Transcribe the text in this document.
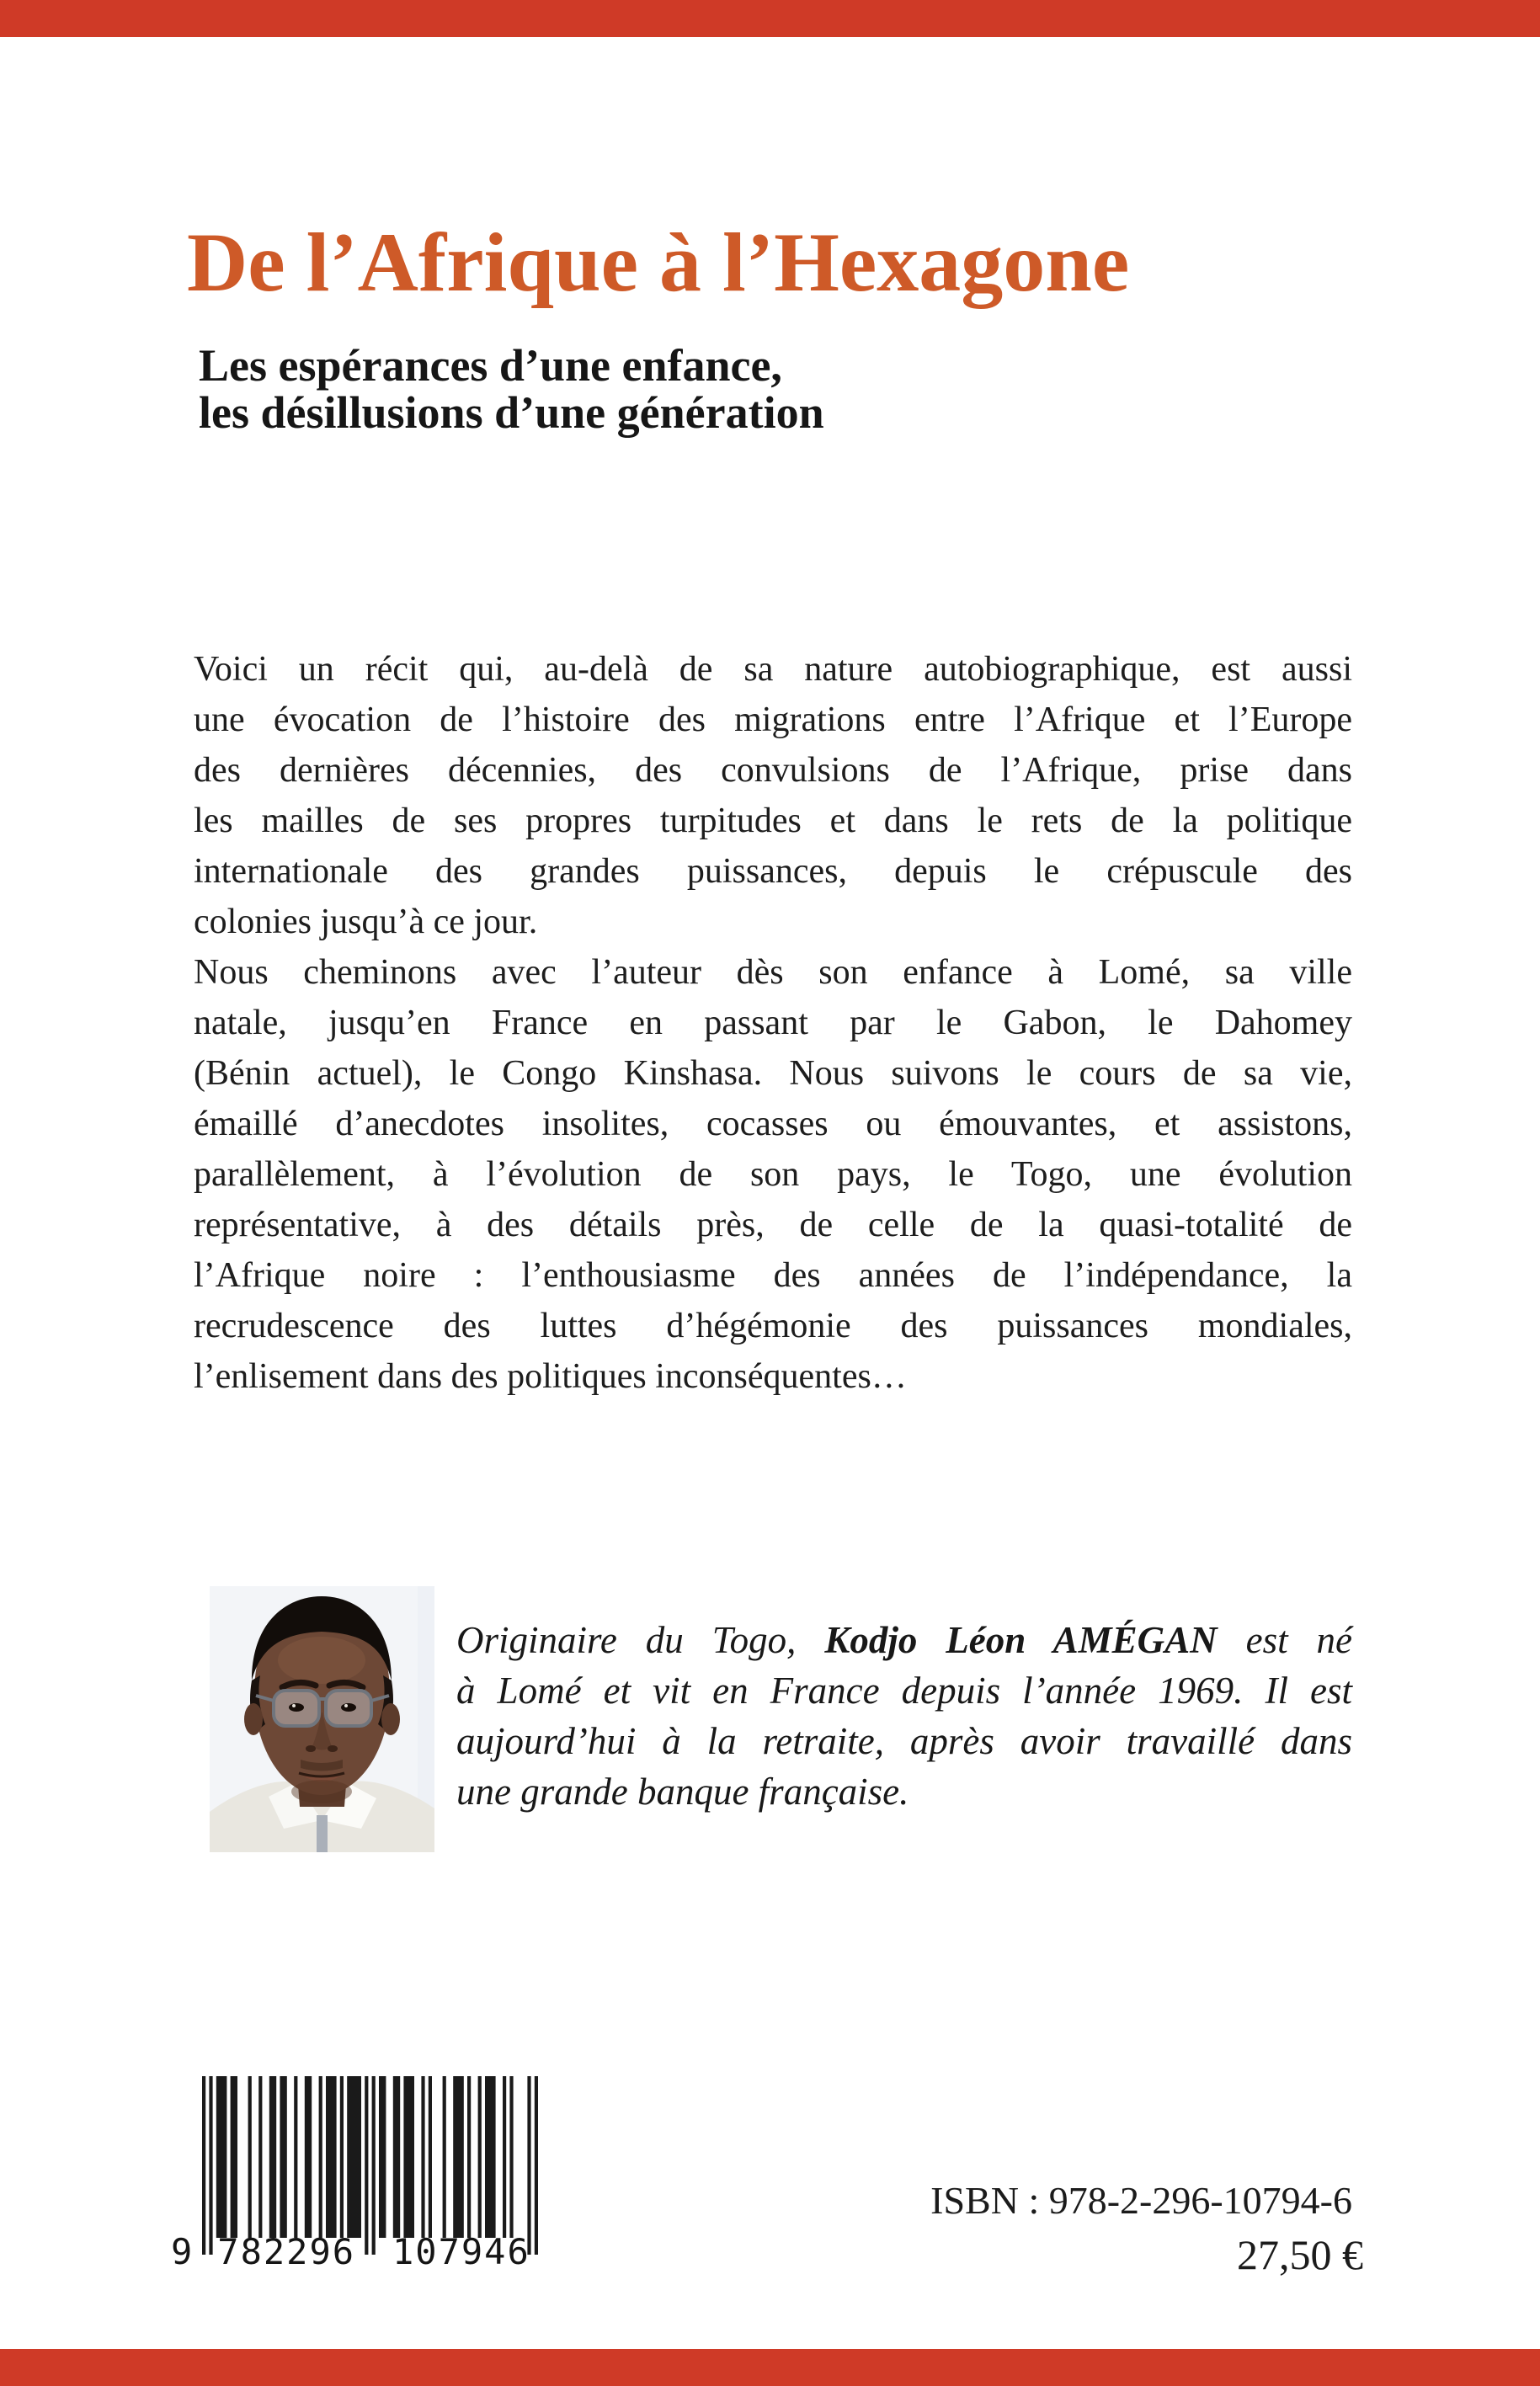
De l’Afrique à l’Hexagone
Les espérances d’une enfance,
les désillusions d’une génération
Voici un récit qui, au-delà de sa nature autobiographique, est aussi
une évocation de l’histoire des migrations entre l’Afrique et l’Europe
des dernières décennies, des convulsions de l’Afrique, prise dans
les mailles de ses propres turpitudes et dans le rets de la politique
internationale des grandes puissances, depuis le crépuscule des
colonies jusqu’à ce jour.
Nous cheminons avec l’auteur dès son enfance à Lomé, sa ville
natale, jusqu’en France en passant par le Gabon, le Dahomey
(Bénin actuel), le Congo Kinshasa. Nous suivons le cours de sa vie,
émaillé d’anecdotes insolites, cocasses ou émouvantes, et assistons,
parallèlement, à l’évolution de son pays, le Togo, une évolution
représentative, à des détails près, de celle de la quasi-totalité de
l’Afrique noire : l’enthousiasme des années de l’indépendance, la
recrudescence des luttes d’hégémonie des puissances mondiales,
l’enlisement dans des politiques inconséquentes…
Originaire du Togo, Kodjo Léon AMÉGAN est né
à Lomé et vit en France depuis l’année 1969. Il est
aujourd’hui à la retraite, après avoir travaillé dans
une grande banque française.
9 782296 107946
ISBN : 978-2-296-10794-6
27,50 €
